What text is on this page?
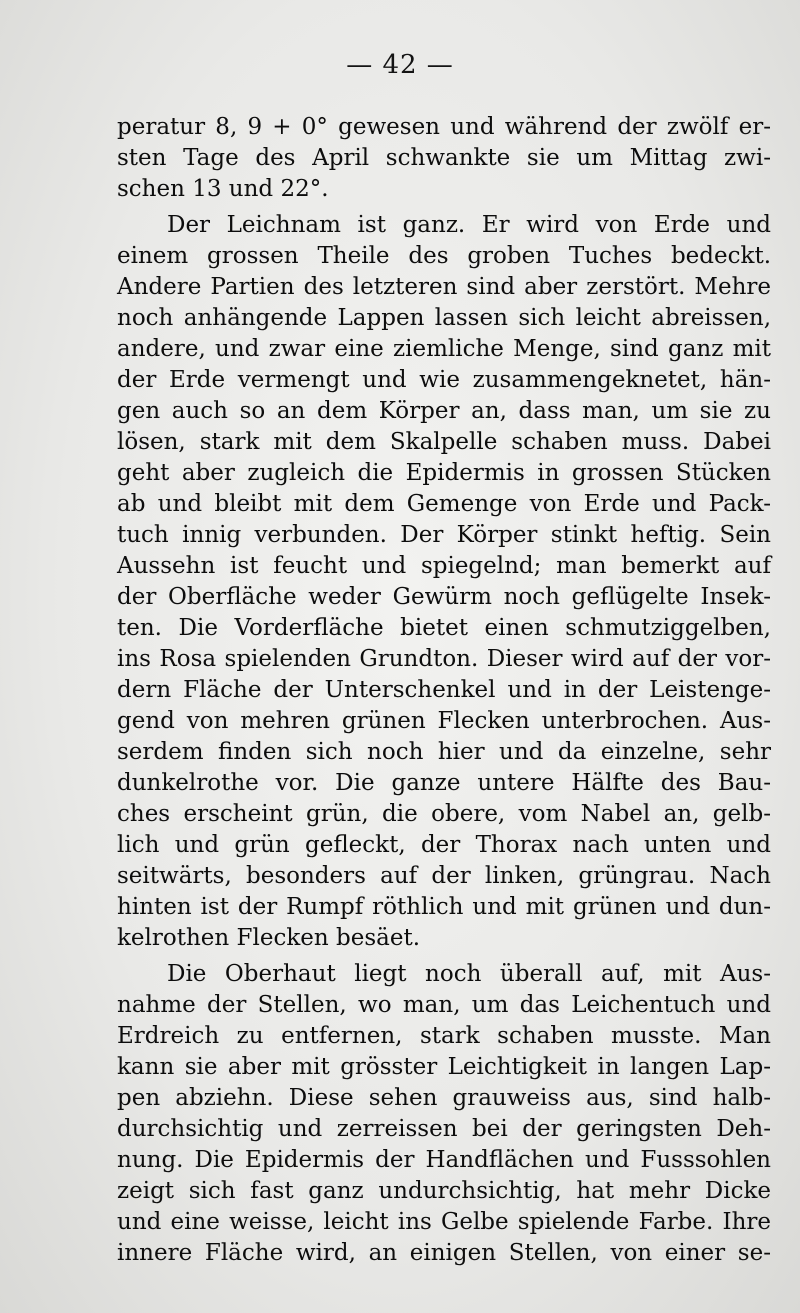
— 42 —
peratur 8, 9 + 0° gewesen und während der zwölf er-
sten Tage des April schwankte sie um Mittag zwi-
schen 13 und 22°.
Der Leichnam ist ganz. Er wird von Erde und
einem grossen Theile des groben Tuches bedeckt.
Andere Partien des letzteren sind aber zerstört. Mehre
noch anhängende Lappen lassen sich leicht abreissen,
andere, und zwar eine ziemliche Menge, sind ganz mit
der Erde vermengt und wie zusammengeknetet, hän-
gen auch so an dem Körper an, dass man, um sie zu
lösen, stark mit dem Skalpelle schaben muss. Dabei
geht aber zugleich die Epidermis in grossen Stücken
ab und bleibt mit dem Gemenge von Erde und Pack-
tuch innig verbunden. Der Körper stinkt heftig. Sein
Aussehn ist feucht und spiegelnd; man bemerkt auf
der Oberfläche weder Gewürm noch geflügelte Insek-
ten. Die Vorderfläche bietet einen schmutziggelben,
ins Rosa spielenden Grundton. Dieser wird auf der vor-
dern Fläche der Unterschenkel und in der Leistenge-
gend von mehren grünen Flecken unterbrochen. Aus-
serdem finden sich noch hier und da einzelne, sehr
dunkelrothe vor. Die ganze untere Hälfte des Bau-
ches erscheint grün, die obere, vom Nabel an, gelb-
lich und grün gefleckt, der Thorax nach unten und
seitwärts, besonders auf der linken, grüngrau. Nach
hinten ist der Rumpf röthlich und mit grünen und dun-
kelrothen Flecken besäet.
Die Oberhaut liegt noch überall auf, mit Aus-
nahme der Stellen, wo man, um das Leichentuch und
Erdreich zu entfernen, stark schaben musste. Man
kann sie aber mit grösster Leichtigkeit in langen Lap-
pen abziehn. Diese sehen grauweiss aus, sind halb-
durchsichtig und zerreissen bei der geringsten Deh-
nung. Die Epidermis der Handflächen und Fusssohlen
zeigt sich fast ganz undurchsichtig, hat mehr Dicke
und eine weisse, leicht ins Gelbe spielende Farbe. Ihre
innere Fläche wird, an einigen Stellen, von einer se-
